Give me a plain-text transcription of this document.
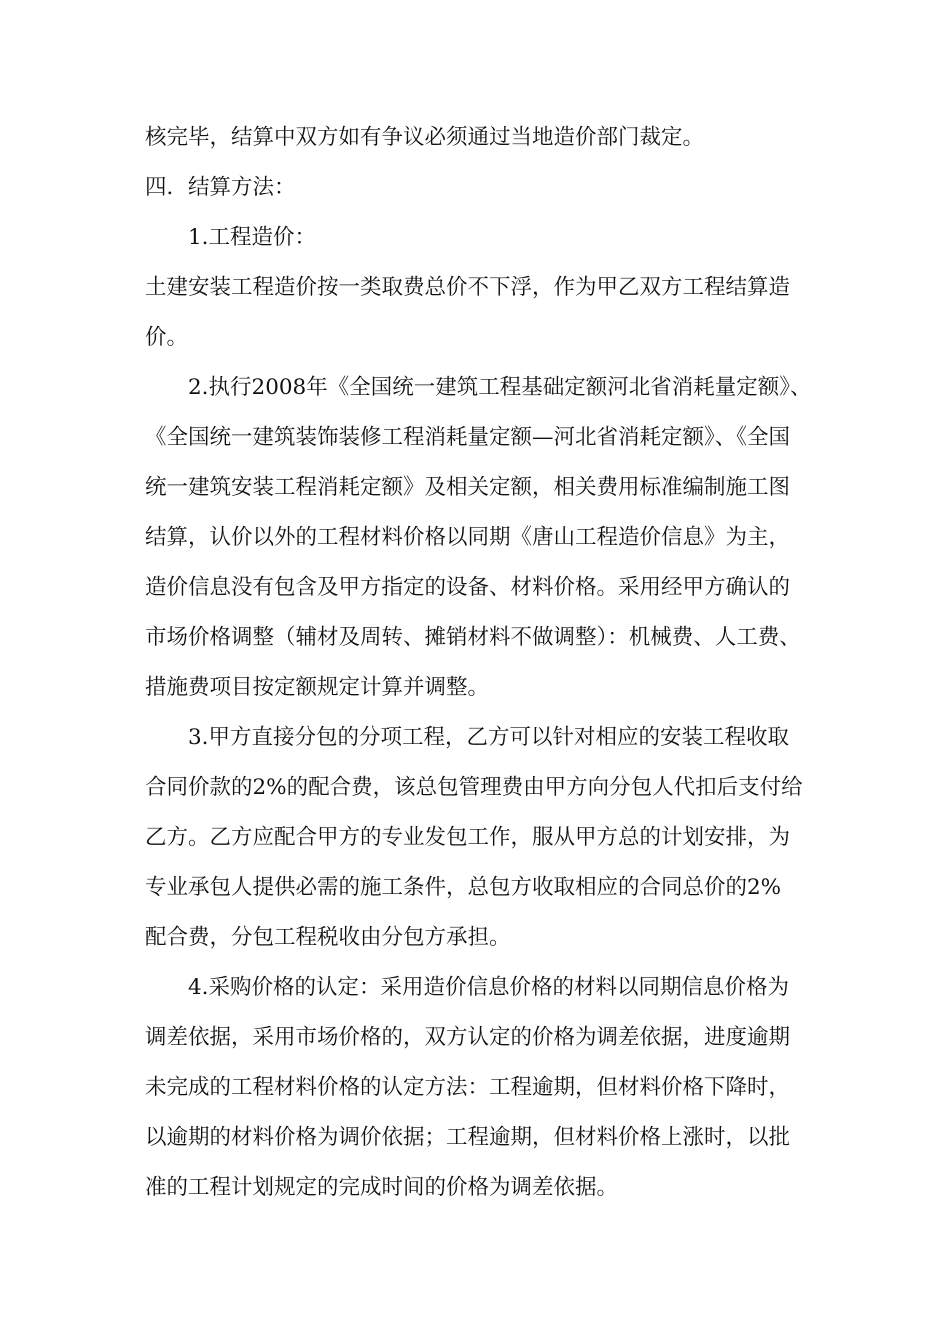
核完毕，结算中双方如有争议必须通过当地造价部门裁定。
四．结算方法：
1.工程造价：
土建安装工程造价按一类取费总价不下浮，作为甲乙双方工程结算造
价。
2.执行2008年《全国统一建筑工程基础定额河北省消耗量定额》、
《全国统一建筑装饰装修工程消耗量定额—河北省消耗定额》、《全国
统一建筑安装工程消耗定额》及相关定额，相关费用标准编制施工图
结算，认价以外的工程材料价格以同期《唐山工程造价信息》为主，
造价信息没有包含及甲方指定的设备、材料价格。采用经甲方确认的
市场价格调整（辅材及周转、摊销材料不做调整）：机械费、人工费、
措施费项目按定额规定计算并调整。
3.甲方直接分包的分项工程，乙方可以针对相应的安装工程收取
合同价款的2%的配合费，该总包管理费由甲方向分包人代扣后支付给
乙方。乙方应配合甲方的专业发包工作，服从甲方总的计划安排，为
专业承包人提供必需的施工条件，总包方收取相应的合同总价的2%
配合费，分包工程税收由分包方承担。
4.采购价格的认定：采用造价信息价格的材料以同期信息价格为
调差依据，采用市场价格的，双方认定的价格为调差依据，进度逾期
未完成的工程材料价格的认定方法：工程逾期，但材料价格下降时，
以逾期的材料价格为调价依据；工程逾期，但材料价格上涨时，以批
准的工程计划规定的完成时间的价格为调差依据。
